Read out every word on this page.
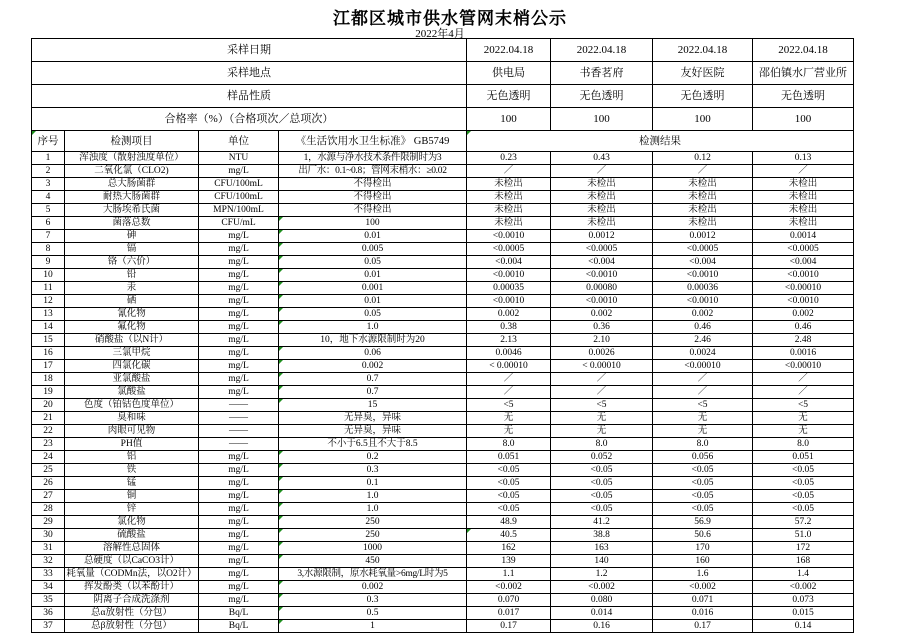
江都区城市供水管网末梢公示
2022年4月
采样日期				2022.04.18	2022.04.18	2022.04.18	2022.04.18
采样地点				供电局	书香茗府	友好医院	邵伯镇水厂营业所
样品性质				无色透明	无色透明	无色透明	无色透明
合格率（%）（合格项次／总项次）				100	100	100	100
序号	检测项目	单位	《生活饮用水卫生标准》 GB5749	检测结果			
1	浑浊度（散射浊度单位）	NTU	1，水源与净水技术条件限制时为3	0.23	0.43	0.12	0.13
2	二氧化氯（CLO2)	mg/L	出厂水：0.1~0.8；管网末梢水：≥0.02	／	／	／	／
3	总大肠菌群	CFU/100mL	不得检出	未检出	未检出	未检出	未检出
4	耐热大肠菌群	CFU/100mL	不得检出	未检出	未检出	未检出	未检出
5	大肠埃希氏菌	MPN/100mL	不得检出	未检出	未检出	未检出	未检出
6	菌落总数	CFU/mL	100	未检出	未检出	未检出	未检出
7	砷	mg/L	0.01	<0.0010	0.0012	0.0012	0.0014
8	镉	mg/L	0.005	<0.0005	<0.0005	<0.0005	<0.0005
9	铬（六价）	mg/L	0.05	<0.004	<0.004	<0.004	<0.004
10	铅	mg/L	0.01	<0.0010	<0.0010	<0.0010	<0.0010
11	汞	mg/L	0.001	0.00035	0.00080	0.00036	<0.00010
12	硒	mg/L	0.01	<0.0010	<0.0010	<0.0010	<0.0010
13	氰化物	mg/L	0.05	0.002	0.002	0.002	0.002
14	氟化物	mg/L	1.0	0.38	0.36	0.46	0.46
15	硝酸盐（以N计）	mg/L	10，地下水源限制时为20	2.13	2.10	2.46	2.48
16	三氯甲烷	mg/L	0.06	0.0046	0.0026	0.0024	0.0016
17	四氯化碳	mg/L	0.002	< 0.00010	< 0.00010	<0.00010	<0.00010
18	亚氯酸盐	mg/L	0.7	／	／	／	／
19	氯酸盐	mg/L	0.7	／	／	／	／
20	色度（铂钴色度单位）	——	15	<5	<5	<5	<5
21	臭和味	——	无异臭，异味	无	无	无	无
22	肉眼可见物	——	无异臭，异味	无	无	无	无
23	PH值	——	不小于6.5且不大于8.5	8.0	8.0	8.0	8.0
24	铝	mg/L	0.2	0.051	0.052	0.056	0.051
25	铁	mg/L	0.3	<0.05	<0.05	<0.05	<0.05
26	锰	mg/L	0.1	<0.05	<0.05	<0.05	<0.05
27	铜	mg/L	1.0	<0.05	<0.05	<0.05	<0.05
28	锌	mg/L	1.0	<0.05	<0.05	<0.05	<0.05
29	氯化物	mg/L	250	48.9	41.2	56.9	57.2
30	硫酸盐	mg/L	250	40.5	38.8	50.6	51.0
31	溶解性总固体	mg/L	1000	162	163	170	172
32	总硬度（以CaCO3计）	mg/L	450	139	140	160	168
33	耗氧量（CODMn法，以O2计）	mg/L	3,水源限制，原水耗氧量>6mg/L时为5	1.1	1.2	1.6	1.4
34	挥发酚类（以苯酚计）	mg/L	0.002	<0.002	<0.002	<0.002	<0.002
35	阴离子合成洗涤剂	mg/L	0.3	0.070	0.080	0.071	0.073
36	总α放射性（分包）	Bq/L	0.5	0.017	0.014	0.016	0.015
37	总β放射性（分包）	Bq/L	1	0.17	0.16	0.17	0.14
